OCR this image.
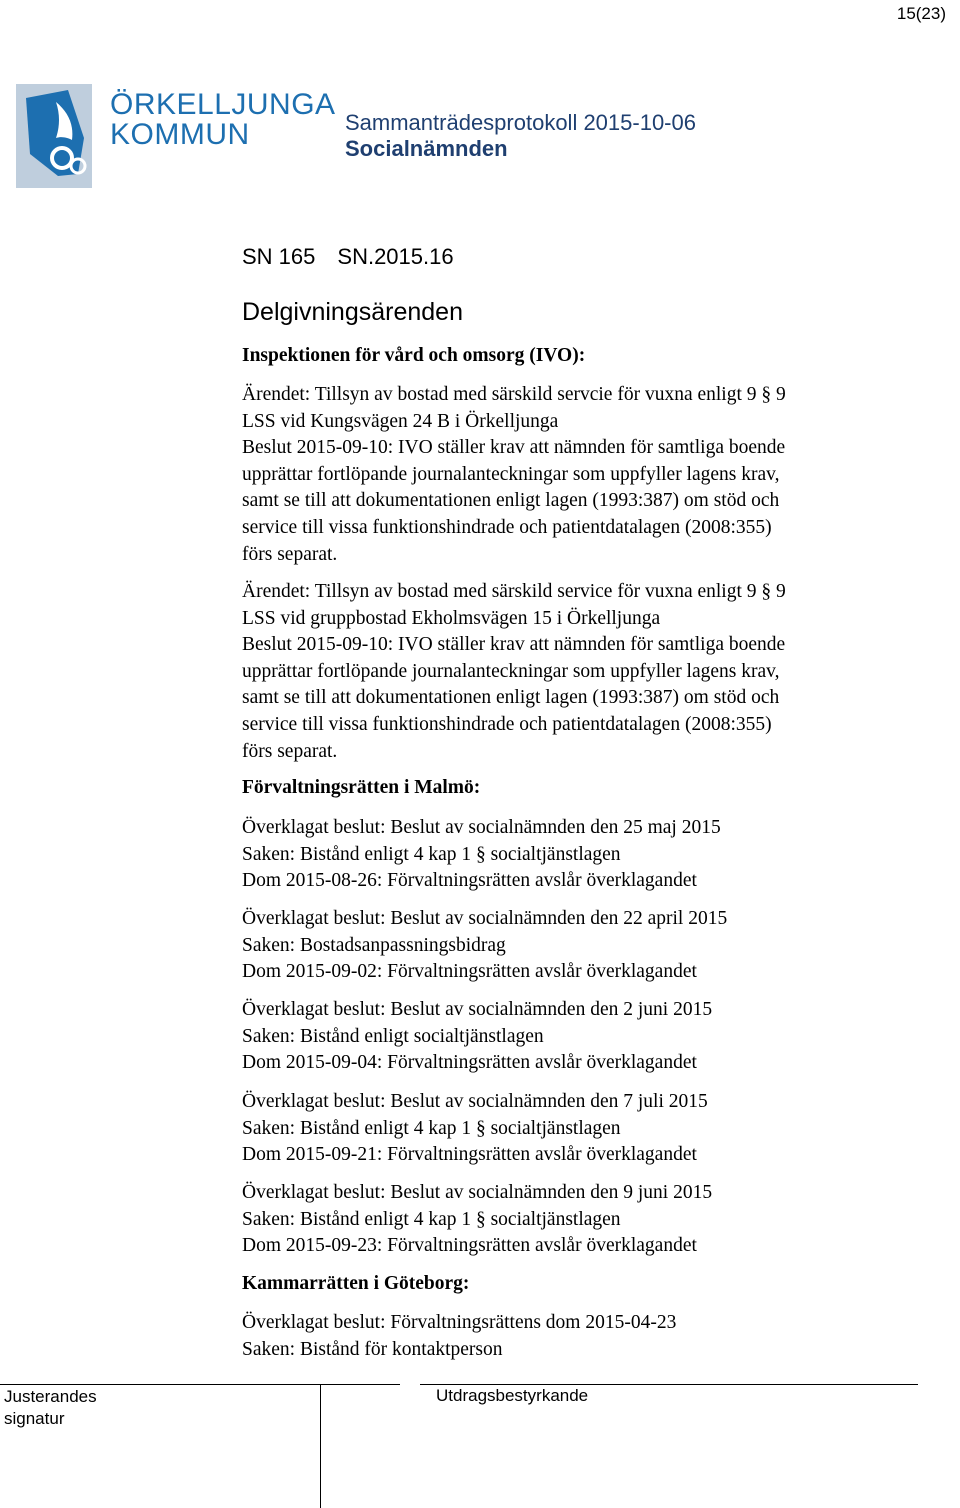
15(23)
ÖRKELLJUNGA
KOMMUN	Sammanträdesprotokoll 2015-10-06
Socialnämnden
SN 165 SN.2015.16
Delgivningsärenden
Inspektionen för vård och omsorg (IVO):
Ärendet: Tillsyn av bostad med särskild servcie för vuxna enligt 9 § 9
LSS vid Kungsvägen 24 B i Örkelljunga
Beslut 2015-09-10: IVO ställer krav att nämnden för samtliga boende
upprättar fortlöpande journalanteckningar som uppfyller lagens krav,
samt se till att dokumentationen enligt lagen (1993:387) om stöd och
service till vissa funktionshindrade och patientdatalagen (2008:355)
förs separat.
Ärendet: Tillsyn av bostad med särskild service för vuxna enligt 9 § 9
LSS vid gruppbostad Ekholmsvägen 15 i Örkelljunga
Beslut 2015-09-10: IVO ställer krav att nämnden för samtliga boende
upprättar fortlöpande journalanteckningar som uppfyller lagens krav,
samt se till att dokumentationen enligt lagen (1993:387) om stöd och
service till vissa funktionshindrade och patientdatalagen (2008:355)
förs separat.
Förvaltningsrätten i Malmö:
Överklagat beslut: Beslut av socialnämnden den 25 maj 2015
Saken: Bistånd enligt 4 kap 1 § socialtjänstlagen
Dom 2015-08-26: Förvaltningsrätten avslår överklagandet
Överklagat beslut: Beslut av socialnämnden den 22 april 2015
Saken: Bostadsanpassningsbidrag
Dom 2015-09-02: Förvaltningsrätten avslår överklagandet
Överklagat beslut: Beslut av socialnämnden den 2 juni 2015
Saken: Bistånd enligt socialtjänstlagen
Dom 2015-09-04: Förvaltningsrätten avslår överklagandet
Överklagat beslut: Beslut av socialnämnden den 7 juli 2015
Saken: Bistånd enligt 4 kap 1 § socialtjänstlagen
Dom 2015-09-21: Förvaltningsrätten avslår överklagandet
Överklagat beslut: Beslut av socialnämnden den 9 juni 2015
Saken: Bistånd enligt 4 kap 1 § socialtjänstlagen
Dom 2015-09-23: Förvaltningsrätten avslår överklagandet
Kammarrätten i Göteborg:
Överklagat beslut: Förvaltningsrättens dom 2015-04-23
Saken: Bistånd för kontaktperson
Justerandes signatur
Utdragsbestyrkande
